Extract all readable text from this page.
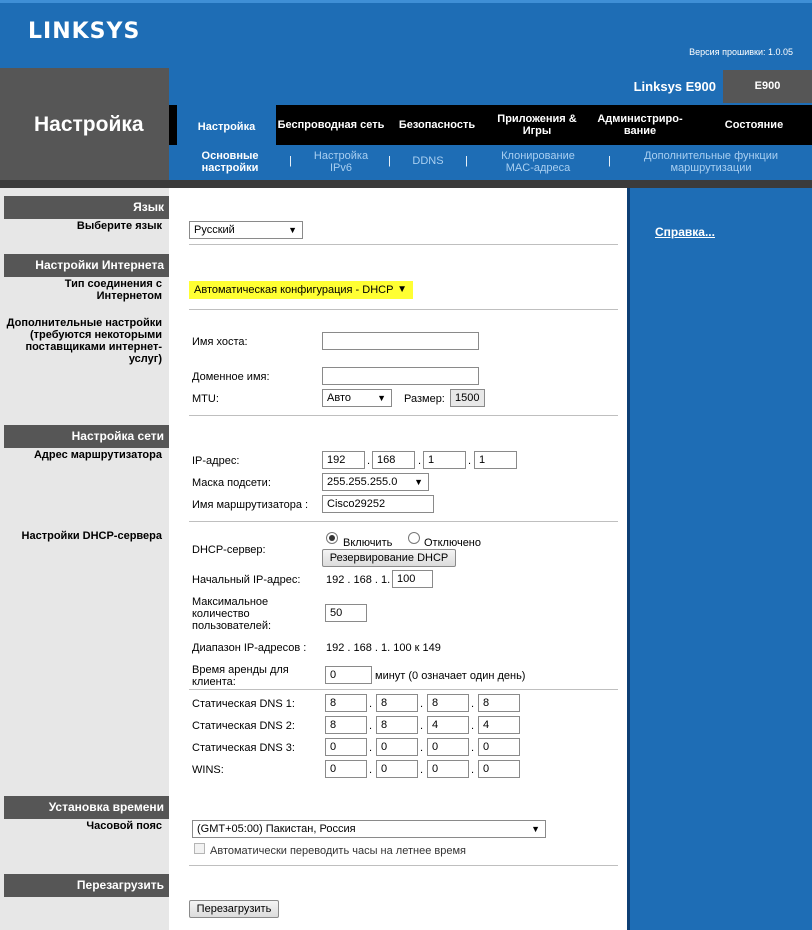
LINKSYS
Версия прошивки: 1.0.05
Настройка
Linksys E900	E900
Настройка	Беспроводная сеть	Безопасность	Приложения & Игры
Администриро- вание	Состояние
Основные настройки
|	Настройка IPv6
|	DDNS	|	Клонирование MAC-адреса
|	Дополнительные функции маршрутизации
Язык
Выберите язык
Настройки Интернета
Тип соединения с Интернетом
Дополнительные настройки (требуются некоторыми поставщиками интернет-услуг)
Настройка сети
Адрес маршрутизатора
Настройки DHCP-сервера
Установка времени
Часовой пояс
Перезагрузить
Справка...
Русский	▼
Автоматическая конфигурация - DHCP ▼
Имя хоста:
Доменное имя:
MTU:	Авто	▼ Размер: 1500
IP-адрес:	192	. 168	. 1	. 1
Маска подсети:	255.255.255.0 ▼
Имя маршрутизатора :	Cisco29252
DHCP-сервер:
Включить	Отключено
Резервирование DHCP
Начальный IP-адрес: 192 . 168 . 1. 100
Максимальное количество пользователей:
50
Диапазон IP-адресов : 192 . 168 . 1. 100 к 149
Время аренды для клиента:
0	минут (0 означает один день)
Статическая DNS 1:	8	. 8	. 8	. 8
Статическая DNS 2:	8	. 8	. 4	. 4
Статическая DNS 3:	0	. 0	. 0	. 0
WINS:	0	. 0	. 0	. 0
(GMT+05:00) Пакистан, Россия	▼
Автоматически переводить часы на летнее время
Перезагрузить
